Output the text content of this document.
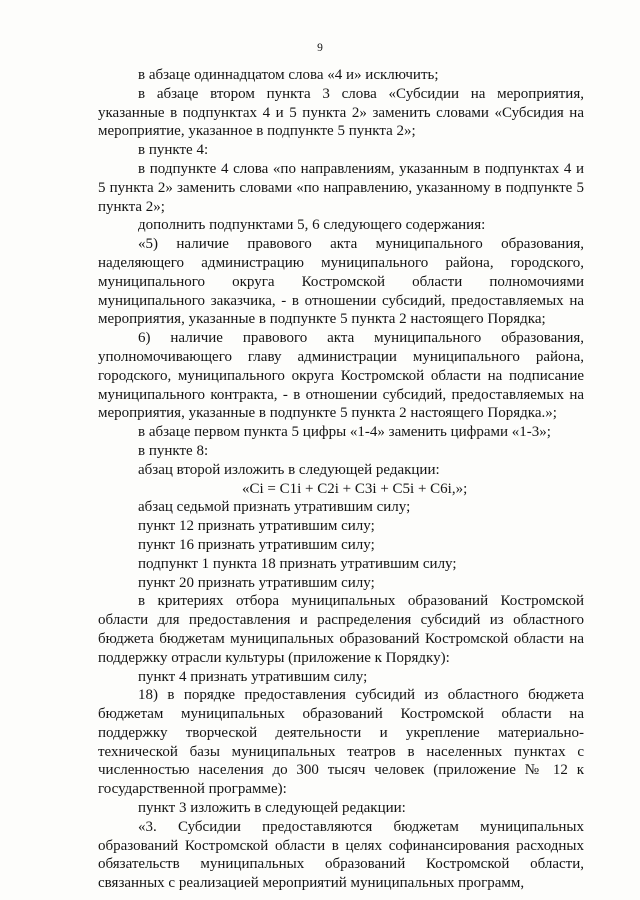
9

в абзаце одиннадцатом слова «4 и» исключить;

в абзаце втором пункта 3 слова «Субсидии на мероприятия, указанные в подпунктах 4 и 5 пункта 2» заменить словами «Субсидия на мероприятие, указанное в подпункте 5 пункта 2»;

в пункте 4:

в подпункте 4 слова «по направлениям, указанным в подпунктах 4 и 5 пункта 2» заменить словами «по направлению, указанному в подпункте 5 пункта 2»;

дополнить подпунктами 5, 6 следующего содержания:

«5) наличие правового акта муниципального образования, наделяющего администрацию муниципального района, городского, муниципального округа Костромской области полномочиями муниципального заказчика, - в отношении субсидий, предоставляемых на мероприятия, указанные в подпункте 5 пункта 2 настоящего Порядка;

6) наличие правового акта муниципального образования, уполномочивающего главу администрации муниципального района, городского, муниципального округа Костромской области на подписание муниципального контракта, - в отношении субсидий, предоставляемых на мероприятия, указанные в подпункте 5 пункта 2 настоящего Порядка.»;

в абзаце первом пункта 5 цифры «1-4» заменить цифрами «1-3»;

в пункте 8:

абзац второй изложить в следующей редакции:

«Ci = C1i + C2i + C3i + C5i + C6i,»;

абзац седьмой признать утратившим силу;

пункт 12 признать утратившим силу;

пункт 16 признать утратившим силу;

подпункт 1 пункта 18 признать утратившим силу;

пункт 20 признать утратившим силу;

в критериях отбора муниципальных образований Костромской области для предоставления и распределения субсидий из областного бюджета бюджетам муниципальных образований Костромской области на поддержку отрасли культуры (приложение к Порядку):

пункт 4 признать утратившим силу;

18) в порядке предоставления субсидий из областного бюджета бюджетам муниципальных образований Костромской области на поддержку творческой деятельности и укрепление материально-технической базы муниципальных театров в населенных пунктах с численностью населения до 300 тысяч человек (приложение № 12 к государственной программе):

пункт 3 изложить в следующей редакции:

«3. Субсидии предоставляются бюджетам муниципальных образований Костромской области в целях софинансирования расходных обязательств муниципальных образований Костромской области, связанных с реализацией мероприятий муниципальных программ,
